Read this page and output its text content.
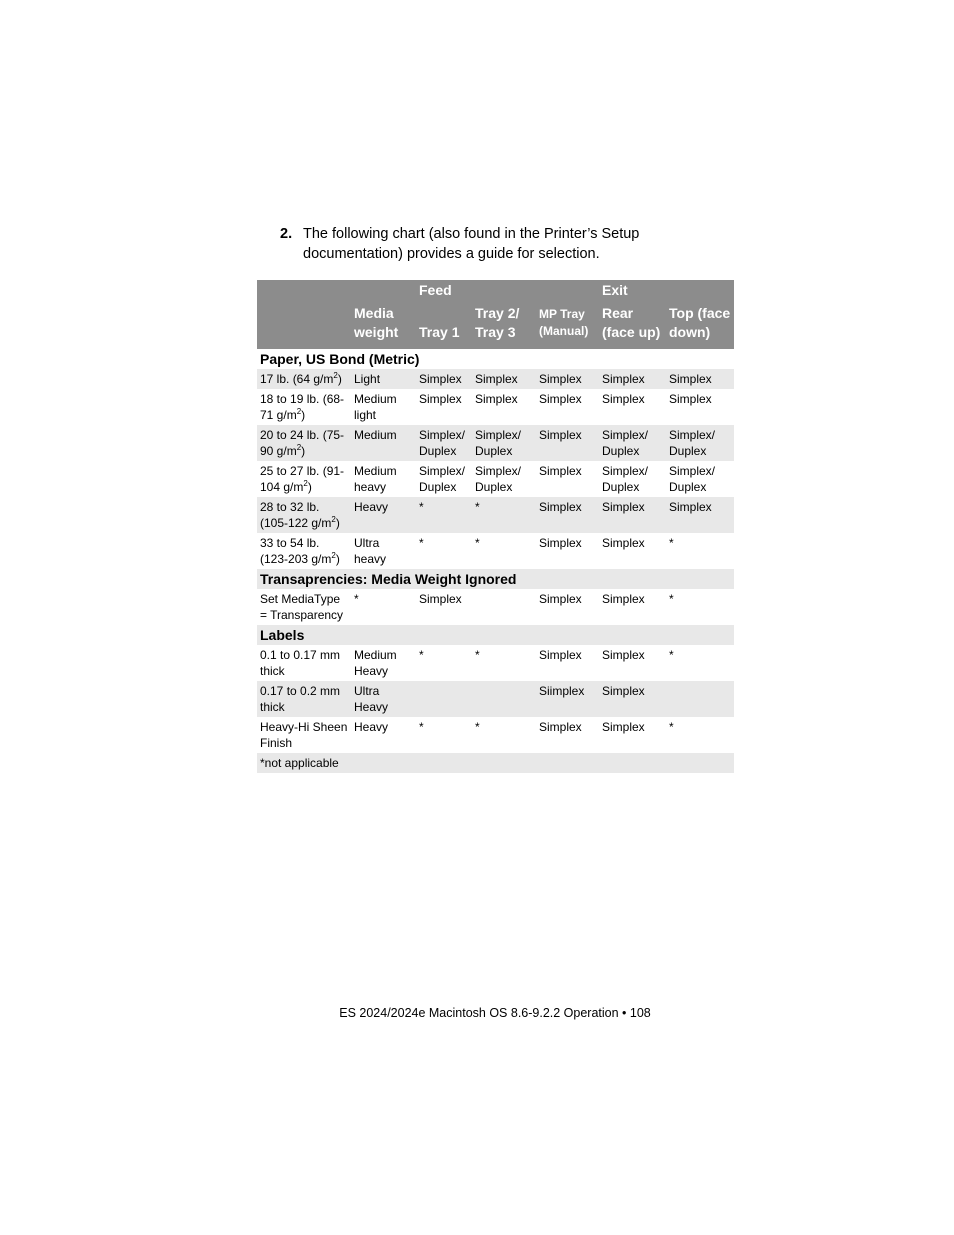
2. The following chart (also found in the Printer’s Setup documentation) provides a guide for selection.
		Feed			Exit	
	Media weight	Tray 1	Tray 2/ Tray 3	MP Tray (Manual)	Rear (face up)	Top (face down)
Paper, US Bond (Metric)						
17 lb. (64 $g/m^2$)	Light	Simplex	Simplex	Simplex	Simplex	Simplex
18 to 19 lb. (68-71 $g/m^2$)	Medium light	Simplex	Simplex	Simplex	Simplex	Simplex
20 to 24 lb. (75-90 $g/m^2$)	Medium	Simplex/ Duplex	Simplex/ Duplex	Simplex	Simplex/ Duplex	Simplex/ Duplex
25 to 27 lb. (91-104 $g/m^2$)	Medium heavy	Simplex/ Duplex	Simplex/ Duplex	Simplex	Simplex/ Duplex	Simplex/ Duplex
28 to 32 lb. (105-122 $g/m^2$)	Heavy	*	*	Simplex	Simplex	Simplex
33 to 54 lb. (123-203 $g/m^2$)	Ultra heavy	*	*	Simplex	Simplex	*
Transaprencies: Media Weight Ignored						
Set MediaType = Transparency	*	Simplex		Simplex	Simplex	*
Labels						
0.1 to 0.17 mm thick	Medium Heavy	*	*	Simplex	Simplex	*
0.17 to 0.2 mm thick	Ultra Heavy			Siimplex	Simplex	
Heavy-Hi Sheen Finish	Heavy	*	*	Simplex	Simplex	*
*not applicable						
ES 2024/2024e Macintosh OS 8.6-9.2.2 Operation • 108
